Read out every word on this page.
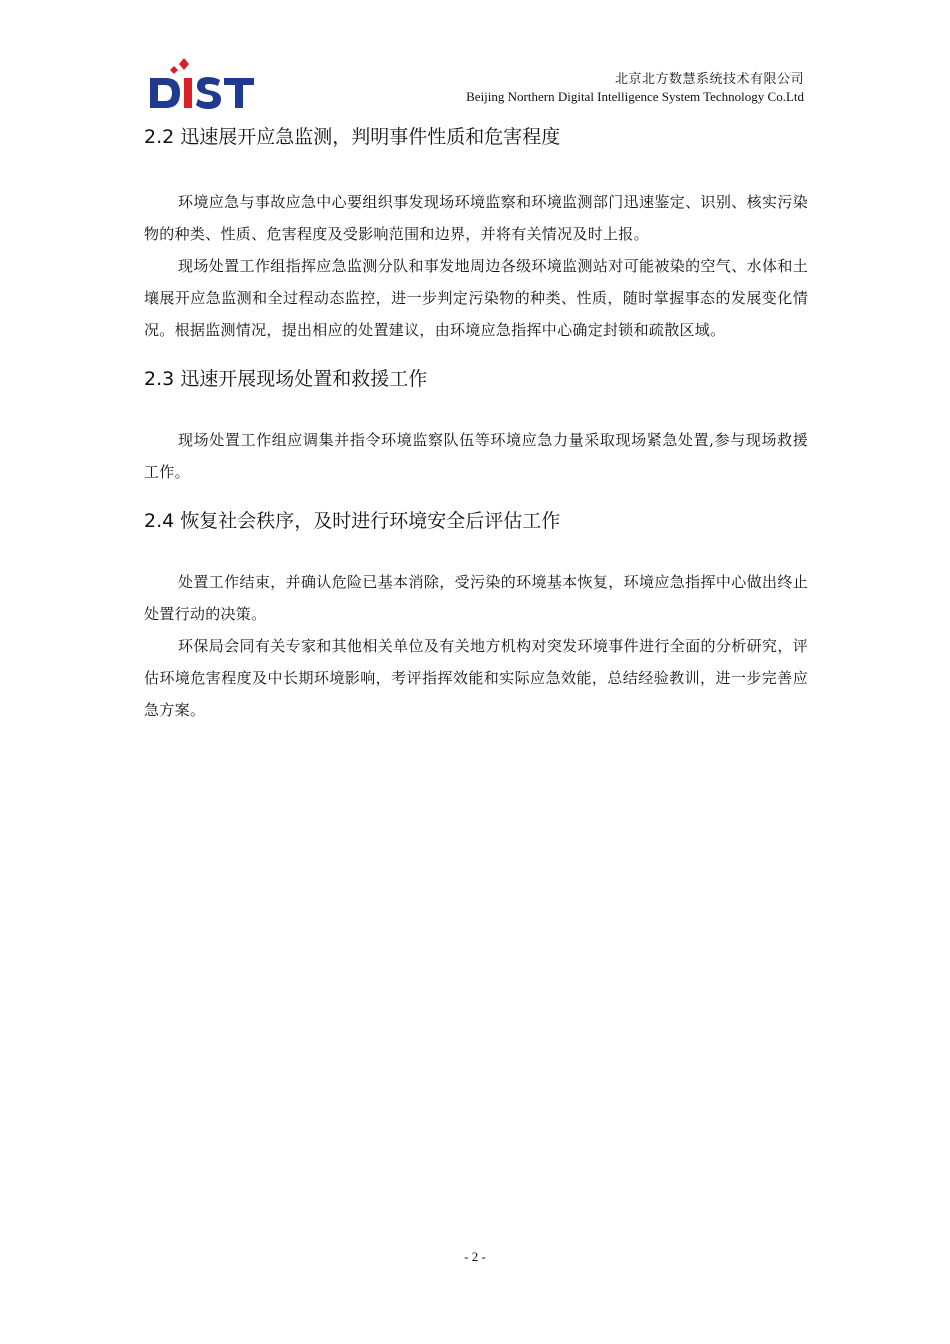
北京北方数慧系统技术有限公司
Beijing Northern Digital Intelligence System Technology Co.Ltd
2.2 迅速展开应急监测，判明事件性质和危害程度

环境应急与事故应急中心要组织事发现场环境监察和环境监测部门迅速鉴定、识别、核实污染物的种类、性质、危害程度及受影响范围和边界，并将有关情况及时上报。

现场处置工作组指挥应急监测分队和事发地周边各级环境监测站对可能被染的空气、水体和土壤展开应急监测和全过程动态监控，进一步判定污染物的种类、性质，随时掌握事态的发展变化情况。根据监测情况，提出相应的处置建议，由环境应急指挥中心确定封锁和疏散区域。

2.3 迅速开展现场处置和救援工作

现场处置工作组应调集并指令环境监察队伍等环境应急力量采取现场紧急处置,参与现场救援工作。

2.4 恢复社会秩序，及时进行环境安全后评估工作

处置工作结束，并确认危险已基本消除，受污染的环境基本恢复，环境应急指挥中心做出终止处置行动的决策。

环保局会同有关专家和其他相关单位及有关地方机构对突发环境事件进行全面的分析研究，评估环境危害程度及中长期环境影响，考评指挥效能和实际应急效能，总结经验教训，进一步完善应急方案。

- 2 -
